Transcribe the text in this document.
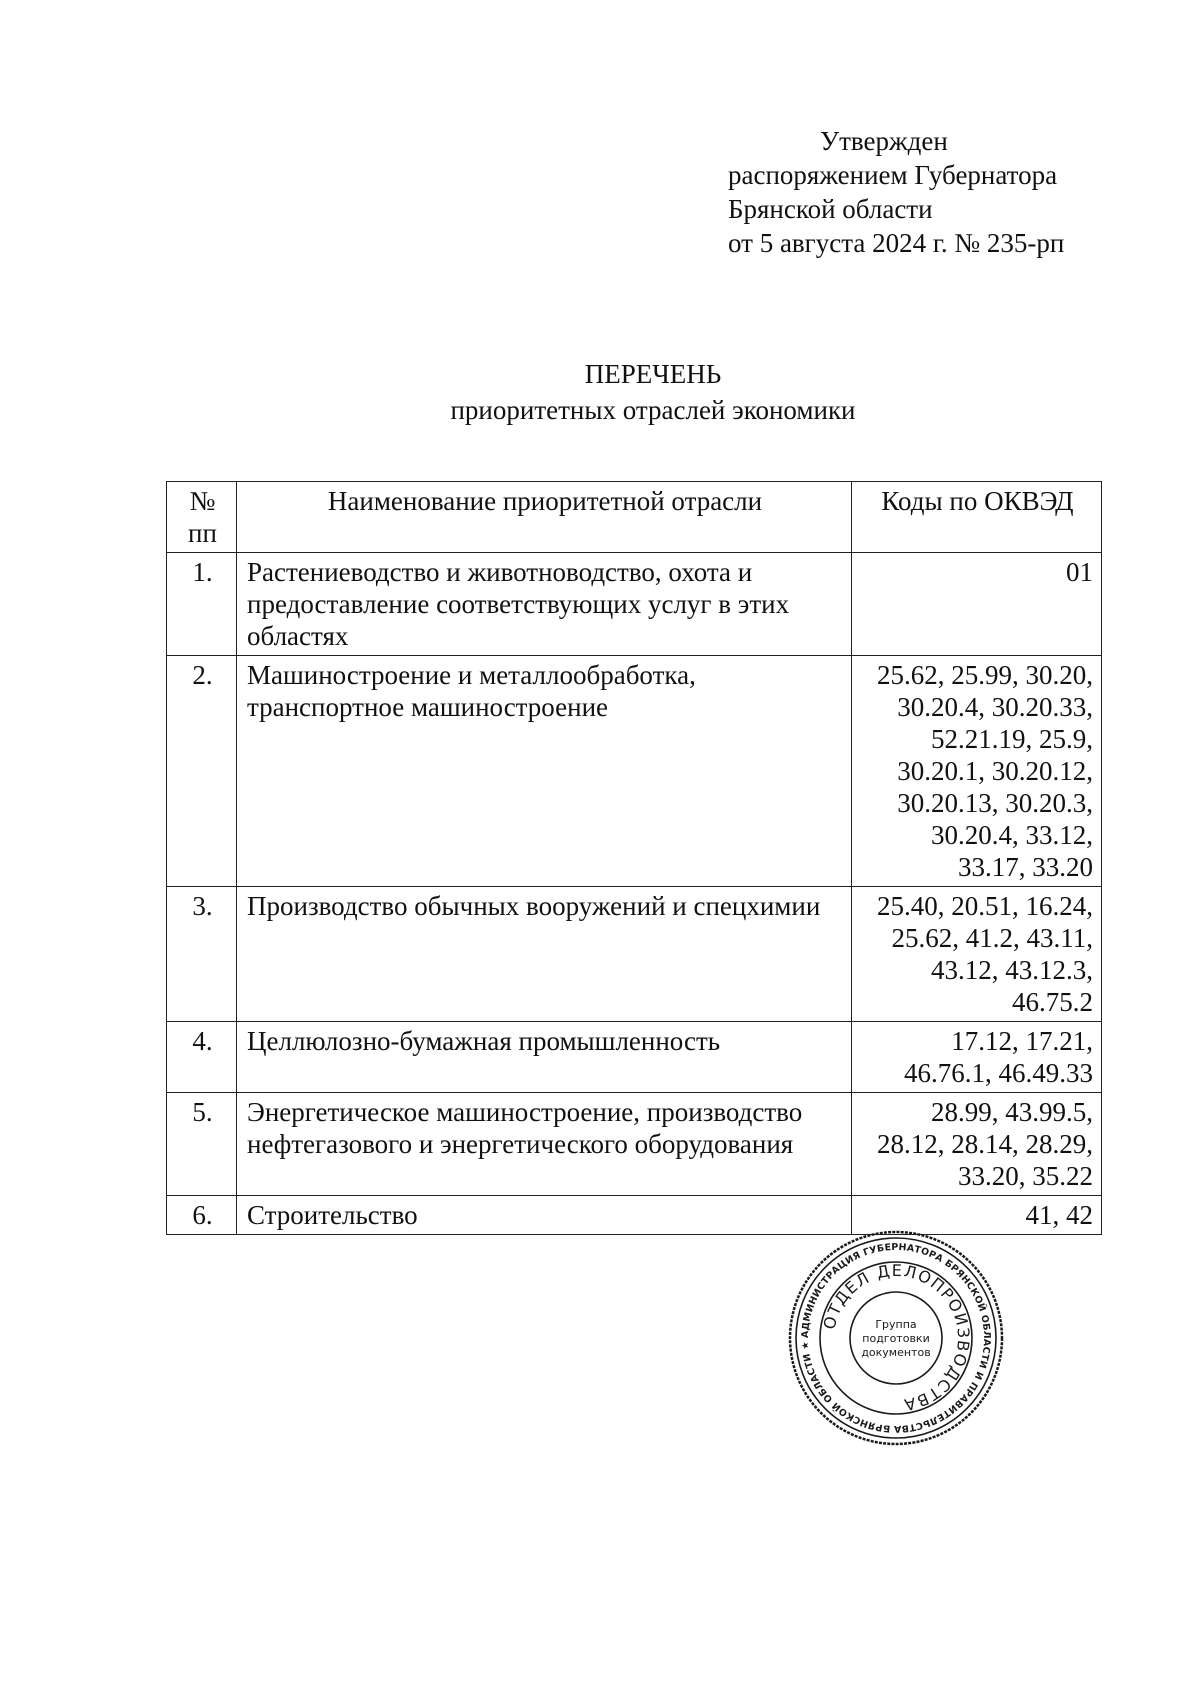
Утвержден
распоряжением Губернатора
Брянской области
от 5 августа 2024 г. № 235-рп
ПЕРЕЧЕНЬ
приоритетных отраслей экономики
№ пп	Наименование приоритетной отрасли	Коды по ОКВЭД
1.	Растениеводство и животноводство, охота и предоставление соответствующих услуг в этих областях	01
2.	Машиностроение и металлообработка, транспортное машиностроение	25.62, 25.99, 30.20, 30.20.4, 30.20.33, 52.21.19, 25.9, 30.20.1, 30.20.12, 30.20.13, 30.20.3, 30.20.4, 33.12, 33.17, 33.20
3.	Производство обычных вооружений и спецхимии	25.40, 20.51, 16.24, 25.62, 41.2, 43.11, 43.12, 43.12.3, 46.75.2
4.	Целлюлозно-бумажная промышленность	17.12, 17.21, 46.76.1, 46.49.33
5.	Энергетическое машиностроение, производство нефтегазового и энергетического оборудования	28.99, 43.99.5, 28.12, 28.14, 28.29, 33.20, 35.22
6.	Строительство	41, 42
АДМИНИСТРАЦИЯ ГУБЕРНАТОРА БРЯНСКОЙ ОБЛАСТИ И ПРАВИТЕЛЬСТВА БРЯНСКОЙ ОБЛАСТИ ★
ОТДЕЛ ДЕЛОПРОИЗВОДСТВА
Группа
подготовки
документов
